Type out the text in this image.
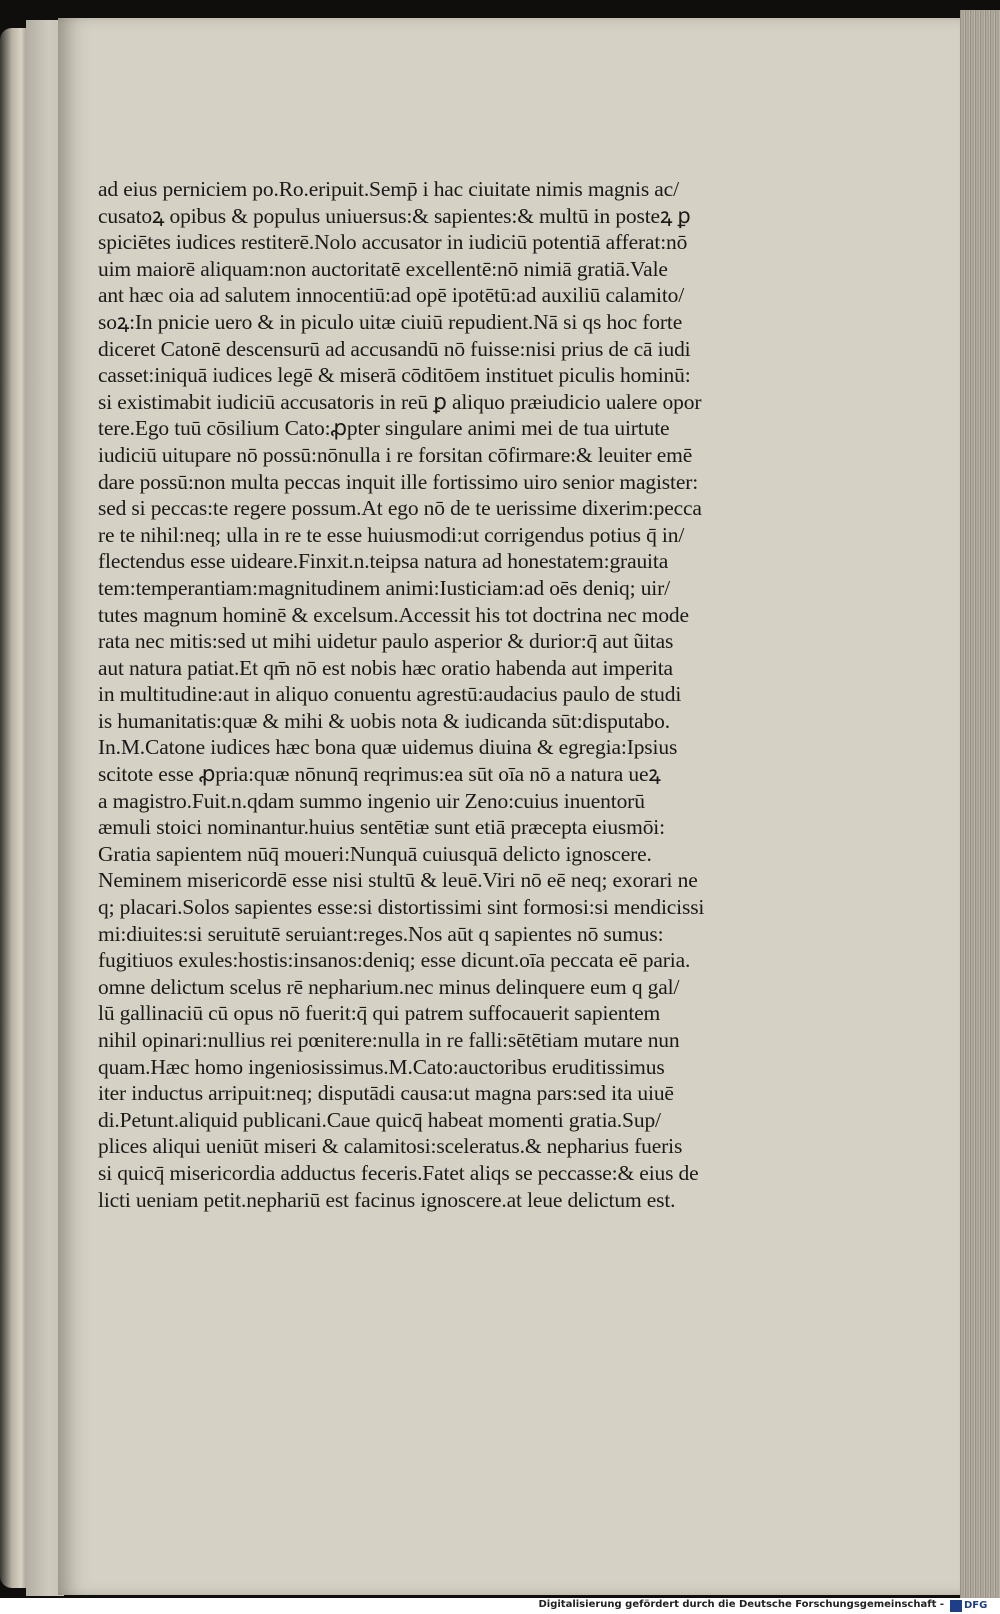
ad eius perniciem po.Ro.eripuit.Semp̄ i hac ciuitate nimis magnis ac/
cusatoꝝ opibus & populus uniuersus:& sapientes:& multū in posteꝝ ꝑ
spiciētes iudices restiterē.Nolo accusator in iudiciū potentiā afferat:nō
uim maiorē aliquam:non auctoritatē excellentē:nō nimiā gratiā.Vale
ant hæc oia ad salutem innocentiū:ad opē ipotētū:ad auxiliū calamito/
soꝝ:In pnicie uero & in piculo uitæ ciuiū repudient.Nā si qs hoc forte
diceret Catonē descensurū ad accusandū nō fuisse:nisi prius de cā iudi
casset:iniquā iudices legē & miserā cōditōem instituet piculis hominū:
si existimabit iudiciū accusatoris in reū ꝑ aliquo præiudicio ualere opor
tere.Ego tuū cōsilium Cato:ꝓpter singulare animi mei de tua uirtute
iudiciū uitupare nō possū:nōnulla i re forsitan cōfirmare:& leuiter emē
dare possū:non multa peccas inquit ille fortissimo uiro senior magister:
sed si peccas:te regere possum.At ego nō de te uerissime dixerim:pecca
re te nihil:neq; ulla in re te esse huiusmodi:ut corrigendus potius q̄ in/
flectendus esse uideare.Finxit.n.teipsa natura ad honestatem:grauita
tem:temperantiam:magnitudinem animi:Iusticiam:ad oēs deniq; uir/
tutes magnum hominē & excelsum.Accessit his tot doctrina nec mode
rata nec mitis:sed ut mihi uidetur paulo asperior & durior:q̄ aut ũitas
aut natura patiat.Et qm̄ nō est nobis hæc oratio habenda aut imperita
in multitudine:aut in aliquo conuentu agrestū:audacius paulo de studi
is humanitatis:quæ & mihi & uobis nota & iudicanda sūt:disputabo.
In.M.Catone iudices hæc bona quæ uidemus diuina & egregia:Ipsius
scitote esse ꝓpria:quæ nōnunq̄ reqrimus:ea sūt oīa nō a natura ueꝝ
a magistro.Fuit.n.qdam summo ingenio uir Zeno:cuius inuentorū
æmuli stoici nominantur.huius sentētiæ sunt etiā præcepta eiusmōi:
Gratia sapientem nūq̄ moueri:Nunquā cuiusquā delicto ignoscere.
Neminem misericordē esse nisi stultū & leuē.Viri nō eē neq; exorari ne
q; placari.Solos sapientes esse:si distortissimi sint formosi:si mendicissi
mi:diuites:si seruitutē seruiant:reges.Nos aūt q sapientes nō sumus:
fugitiuos exules:hostis:insanos:deniq; esse dicunt.oīa peccata eē paria.
omne delictum scelus rē nepharium.nec minus delinquere eum q gal/
lū gallinaciū cū opus nō fuerit:q̄ qui patrem suffocauerit sapientem
nihil opinari:nullius rei pœnitere:nulla in re falli:sētētiam mutare nun
quam.Hæc homo ingeniosissimus.M.Cato:auctoribus eruditissimus
iter inductus arripuit:neq; disputādi causa:ut magna pars:sed ita uiuē
di.Petunt.aliquid publicani.Caue quicq̄ habeat momenti gratia.Sup/
plices aliqui ueniūt miseri & calamitosi:sceleratus.& nepharius fueris
si quicq̄ misericordia adductus feceris.Fatet aliqs se peccasse:& eius de
licti ueniam petit.nephariū est facinus ignoscere.at leue delictum est.
Digitalisierung gefördert durch die Deutsche Forschungsgemeinschaft - DFG
